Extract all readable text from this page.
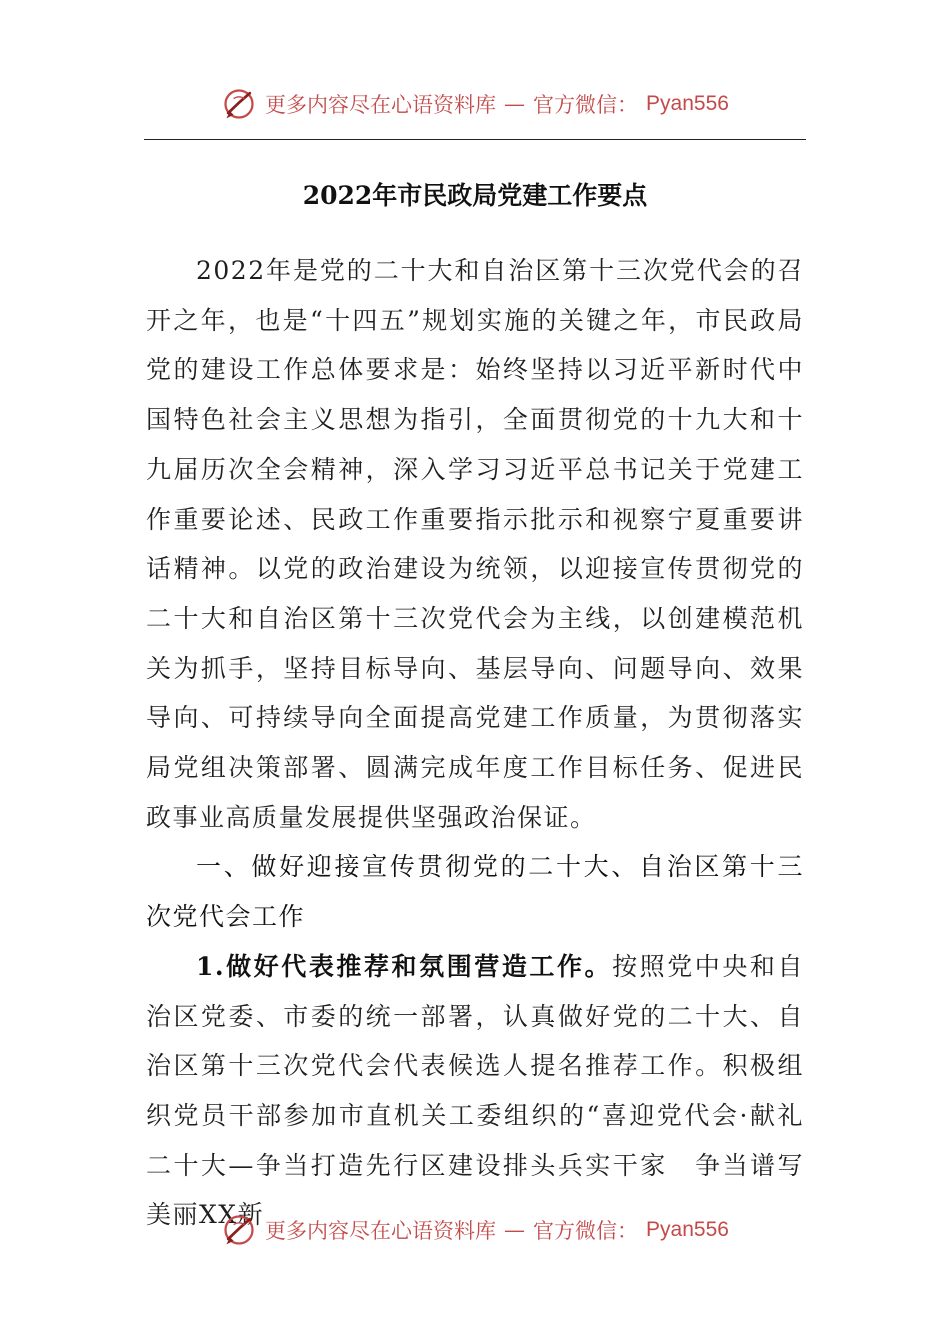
更多内容尽在心语资料库 — 官方微信： Pyan556
2022年市民政局党建工作要点

2022年是党的二十大和自治区第十三次党代会的召开之年，也是“十四五”规划实施的关键之年，市民政局党的建设工作总体要求是：始终坚持以习近平新时代中国特色社会主义思想为指引，全面贯彻党的十九大和十九届历次全会精神，深入学习习近平总书记关于党建工作重要论述、民政工作重要指示批示和视察宁夏重要讲话精神。以党的政治建设为统领，以迎接宣传贯彻党的二十大和自治区第十三次党代会为主线，以创建模范机关为抓手，坚持目标导向、基层导向、问题导向、效果导向、可持续导向全面提高党建工作质量，为贯彻落实局党组决策部署、圆满完成年度工作目标任务、促进民政事业高质量发展提供坚强政治保证。

一、做好迎接宣传贯彻党的二十大、自治区第十三次党代会工作

1.做好代表推荐和氛围营造工作。按照党中央和自治区党委、市委的统一部署，认真做好党的二十大、自治区第十三次党代会代表候选人提名推荐工作。积极组织党员干部参加市直机关工委组织的“喜迎党代会·献礼二十大—争当打造先行区建设排头兵实干家　争当谱写美丽XX新

更多内容尽在心语资料库 — 官方微信： Pyan556
